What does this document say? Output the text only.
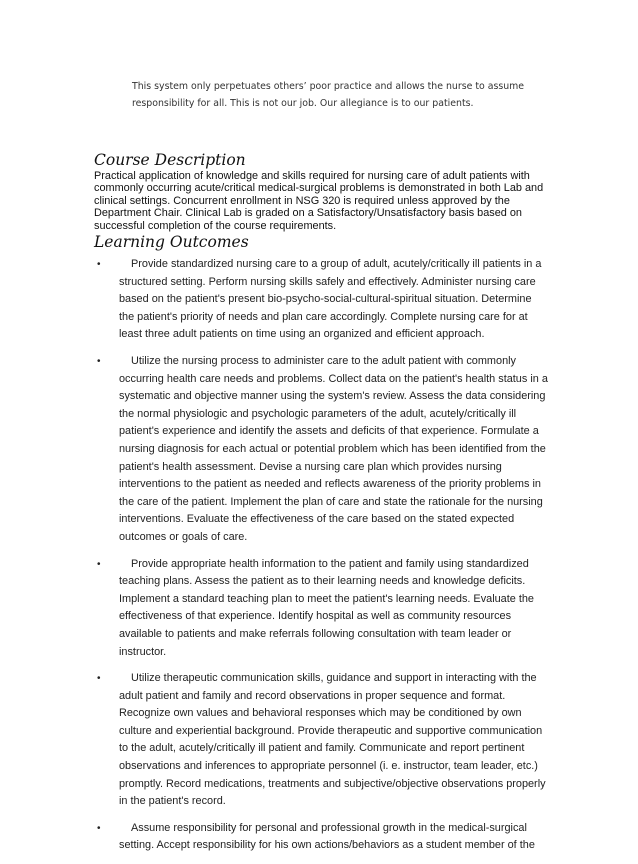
This system only perpetuates others’ poor practice and allows the nurse to assume responsibility for all. This is not our job. Our allegiance is to our patients.

Course Description

Practical application of knowledge and skills required for nursing care of adult patients with commonly occurring acute/critical medical-surgical problems is demonstrated in both Lab and clinical settings. Concurrent enrollment in NSG 320 is required unless approved by the Department Chair. Clinical Lab is graded on a Satisfactory/Unsatisfactory basis based on successful completion of the course requirements.

Learning Outcomes
•	Provide standardized nursing care to a group of adult, acutely/critically ill patients in a structured setting. Perform nursing skills safely and effectively. Administer nursing care based on the patient's present bio-psycho-social-cultural-spiritual situation. Determine the patient's priority of needs and plan care accordingly. Complete nursing care for at least three adult patients on time using an organized and efficient approach.
•	Utilize the nursing process to administer care to the adult patient with commonly occurring health care needs and problems. Collect data on the patient's health status in a systematic and objective manner using the system's review. Assess the data considering the normal physiologic and psychologic parameters of the adult, acutely/critically ill patient's experience and identify the assets and deficits of that experience. Formulate a nursing diagnosis for each actual or potential problem which has been identified from the patient's health assessment. Devise a nursing care plan which provides nursing interventions to the patient as needed and reflects awareness of the priority problems in the care of the patient. Implement the plan of care and state the rationale for the nursing interventions. Evaluate the effectiveness of the care based on the stated expected outcomes or goals of care.
•	Provide appropriate health information to the patient and family using standardized teaching plans. Assess the patient as to their learning needs and knowledge deficits. Implement a standard teaching plan to meet the patient's learning needs. Evaluate the effectiveness of that experience. Identify hospital as well as community resources available to patients and make referrals following consultation with team leader or instructor.
•	Utilize therapeutic communication skills, guidance and support in interacting with the adult patient and family and record observations in proper sequence and format. Recognize own values and behavioral responses which may be conditioned by own culture and experiential background. Provide therapeutic and supportive communication to the adult, acutely/critically ill patient and family. Communicate and report pertinent observations and inferences to appropriate personnel (i. e. instructor, team leader, etc.) promptly. Record medications, treatments and subjective/objective observations properly in the patient's record.
•	Assume responsibility for personal and professional growth in the medical-surgical setting. Accept responsibility for his own actions/behaviors as a student member of the
